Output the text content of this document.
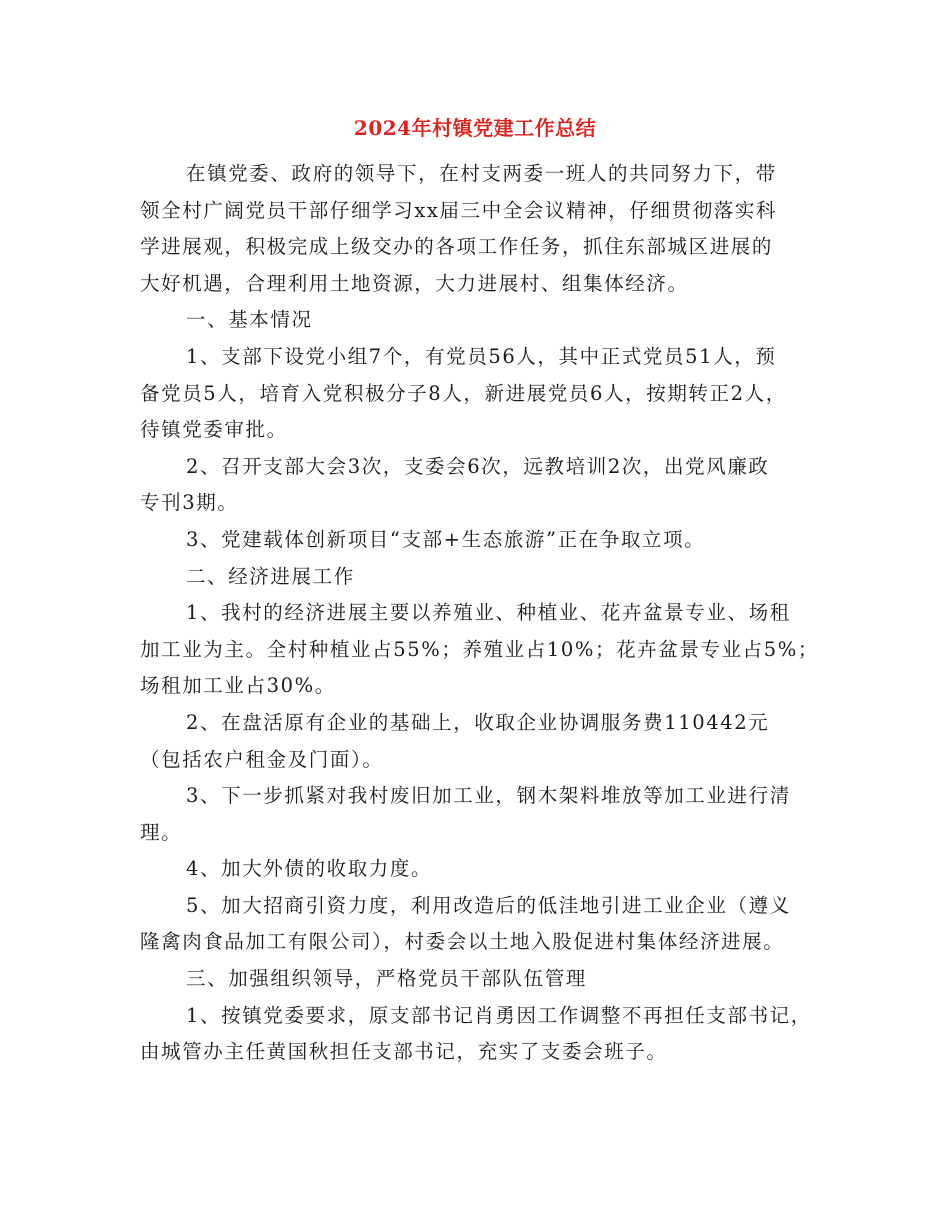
2024年村镇党建工作总结
在镇党委、政府的领导下，在村支两委一班人的共同努力下，带
领全村广阔党员干部仔细学习xx届三中全会议精神，仔细贯彻落实科
学进展观，积极完成上级交办的各项工作任务，抓住东部城区进展的
大好机遇，合理利用土地资源，大力进展村、组集体经济。
一、基本情况
1、支部下设党小组7个，有党员56人，其中正式党员51人，预
备党员5人，培育入党积极分子8人，新进展党员6人，按期转正2人，
待镇党委审批。
2、召开支部大会3次，支委会6次，远教培训2次，出党风廉政
专刊3期。
3、党建载体创新项目“支部+生态旅游”正在争取立项。
二、经济进展工作
1、我村的经济进展主要以养殖业、种植业、花卉盆景专业、场租
加工业为主。全村种植业占55%；养殖业占10%；花卉盆景专业占5%；
场租加工业占30%。
2、在盘活原有企业的基础上，收取企业协调服务费110442元
（包括农户租金及门面）。
3、下一步抓紧对我村废旧加工业，钢木架料堆放等加工业进行清
理。
4、加大外债的收取力度。
5、加大招商引资力度，利用改造后的低洼地引进工业企业（遵义
隆禽肉食品加工有限公司），村委会以土地入股促进村集体经济进展。
三、加强组织领导，严格党员干部队伍管理
1、按镇党委要求，原支部书记肖勇因工作调整不再担任支部书记，
由城管办主任黄国秋担任支部书记，充实了支委会班子。
